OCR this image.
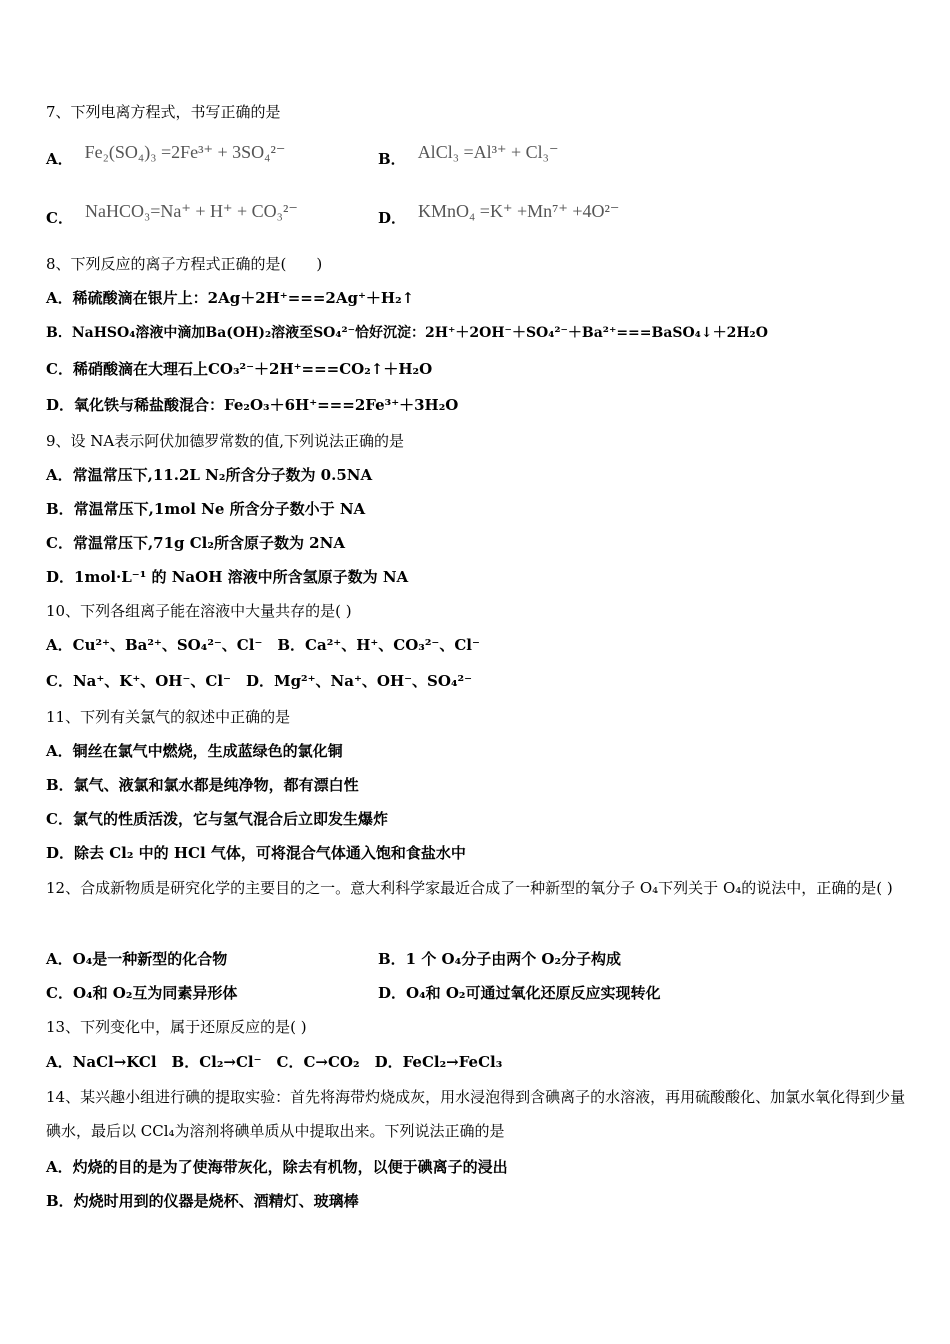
7、下列电离方程式，书写正确的是
A． Fe₂(SO₄)₃ =2Fe³⁺ + 3SO₄²⁻	B． AlCl₃ =Al³⁺ + Cl₃⁻
C． NaHCO₃=Na⁺ + H⁺ + CO₃²⁻	D． KMnO₄ =K⁺ +Mn⁷⁺ +4O²⁻
8、下列反应的离子方程式正确的是(　　)
A．稀硫酸滴在银片上：2Ag＋2H⁺===2Ag⁺＋H₂↑
B．NaHSO₄溶液中滴加Ba(OH)₂溶液至SO₄²⁻恰好沉淀：2H⁺＋2OH⁻＋SO₄²⁻＋Ba²⁺===BaSO₄↓＋2H₂O
C．稀硝酸滴在大理石上CO₃²⁻＋2H⁺===CO₂↑＋H₂O
D．氧化铁与稀盐酸混合：Fe₂O₃＋6H⁺===2Fe³⁺＋3H₂O
9、设 NA表示阿伏加德罗常数的值,下列说法正确的是
A．常温常压下,11.2L N₂所含分子数为 0.5NA
B．常温常压下,1mol Ne 所含分子数小于 NA
C．常温常压下,71g Cl₂所含原子数为 2NA
D．1mol·L⁻¹ 的 NaOH 溶液中所含氢原子数为 NA
10、下列各组离子能在溶液中大量共存的是( )
A．Cu²⁺、Ba²⁺、SO₄²⁻、Cl⁻　B．Ca²⁺、H⁺、CO₃²⁻、Cl⁻
C．Na⁺、K⁺、OH⁻、Cl⁻　D．Mg²⁺、Na⁺、OH⁻、SO₄²⁻
11、下列有关氯气的叙述中正确的是
A．铜丝在氯气中燃烧，生成蓝绿色的氯化铜
B．氯气、液氯和氯水都是纯净物，都有漂白性
C．氯气的性质活泼，它与氢气混合后立即发生爆炸
D．除去 Cl₂ 中的 HCl 气体，可将混合气体通入饱和食盐水中
12、合成新物质是研究化学的主要目的之一。意大利科学家最近合成了一种新型的氧分子 O₄下列关于 O₄的说法中，正确的是( )
A．O₄是一种新型的化合物	B．1 个 O₄分子由两个 O₂分子构成
C．O₄和 O₂互为同素异形体	D．O₄和 O₂可通过氧化还原反应实现转化
13、下列变化中，属于还原反应的是( )
A．NaCl→KCl　B．Cl₂→Cl⁻　C．C→CO₂　D．FeCl₂→FeCl₃
14、某兴趣小组进行碘的提取实验：首先将海带灼烧成灰，用水浸泡得到含碘离子的水溶液，再用硫酸酸化、加氯水氧化得到少量碘水，最后以 CCl₄为溶剂将碘单质从中提取出来。下列说法正确的是
A．灼烧的目的是为了使海带灰化，除去有机物，以便于碘离子的浸出
B．灼烧时用到的仪器是烧杯、酒精灯、玻璃棒
